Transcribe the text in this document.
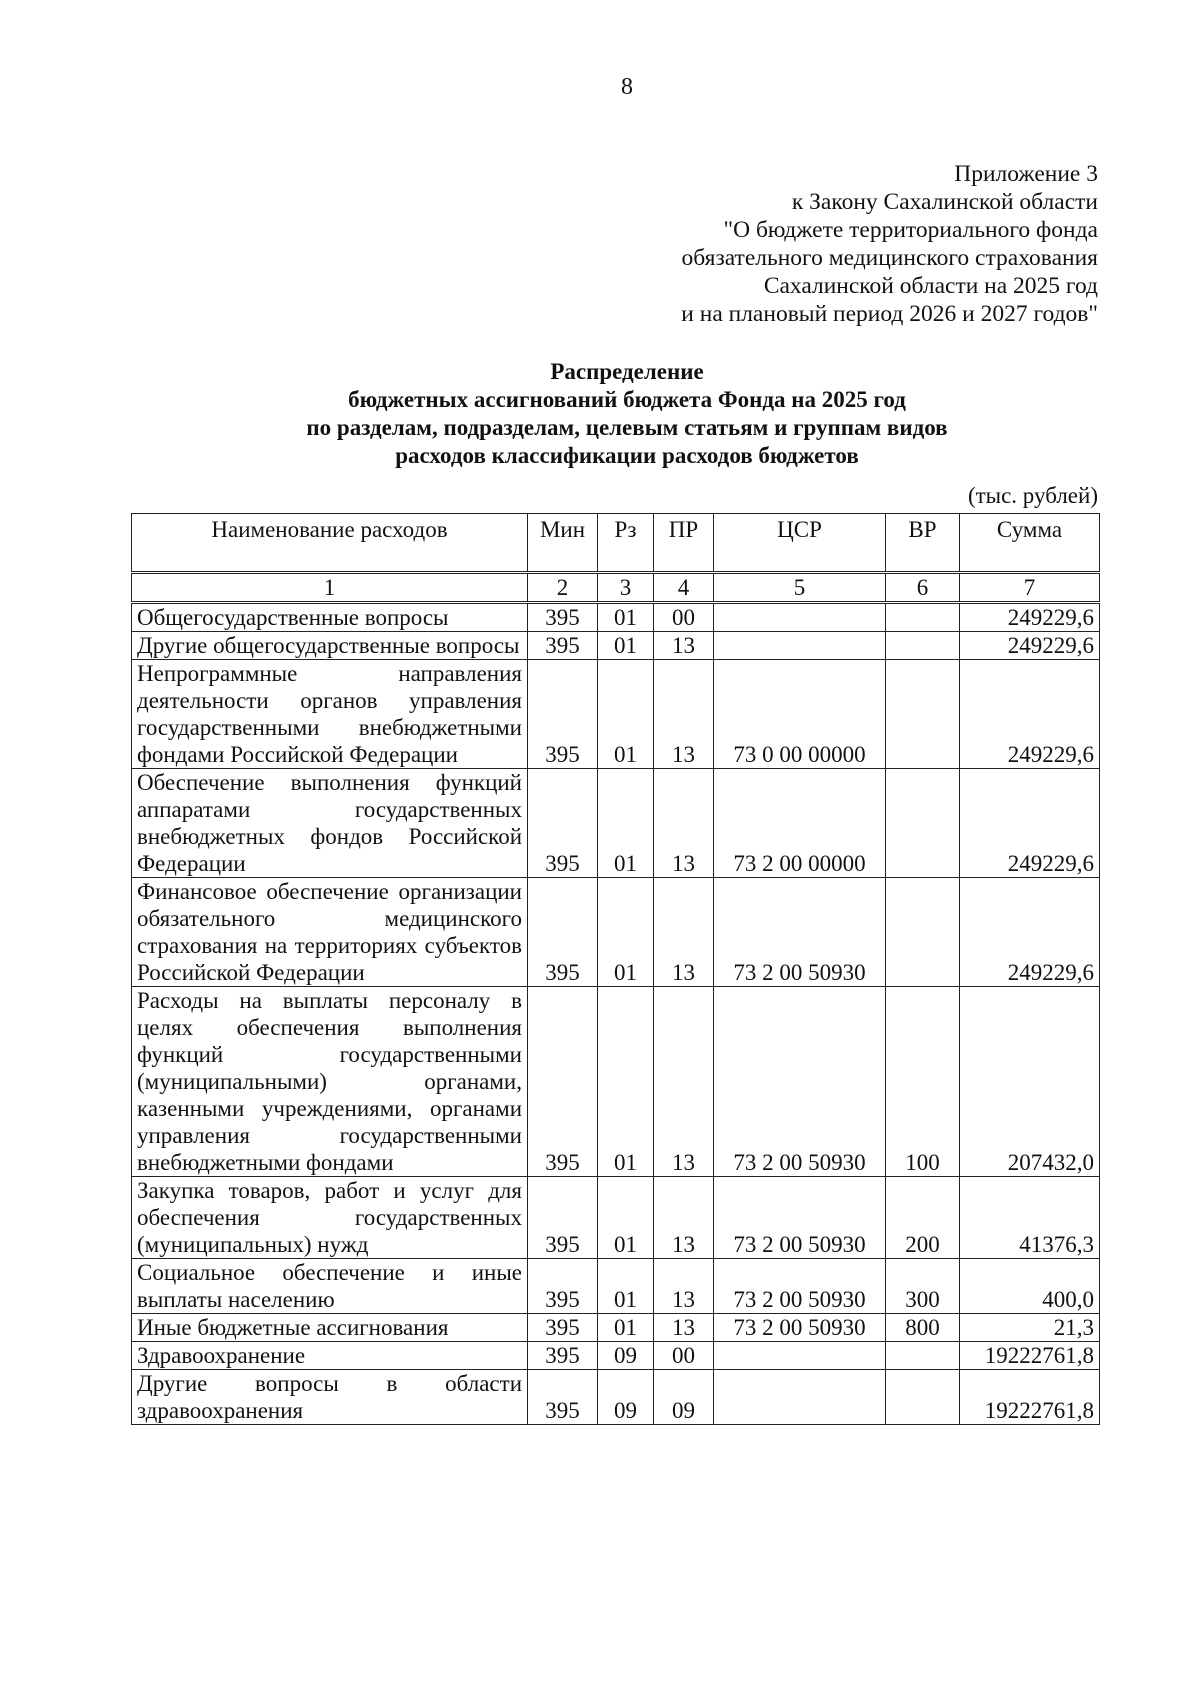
8
Приложение 3
к Закону Сахалинской области
"О бюджете территориального фонда
обязательного медицинского страхования
Сахалинской области на 2025 год
и на плановый период 2026 и 2027 годов"
Распределение
бюджетных ассигнований бюджета Фонда на 2025 год
по разделам, подразделам, целевым статьям и группам видов
расходов классификации расходов бюджетов
(тыс. рублей)
Наименование расходов	Мин	Рз	ПР	ЦСР	ВР	Сумма
1	2	3	4	5	6	7
Общегосударственные вопросы	395	01	00			249229,6
Другие общегосударственные вопросы	395	01	13			249229,6
Непрограммные направления деятельности органов управления государственными внебюджетными фондами Российской Федерации	395	01	13	73 0 00 00000		249229,6
Обеспечение выполнения функций аппаратами государственных внебюджетных фондов Российской Федерации	395	01	13	73 2 00 00000		249229,6
Финансовое обеспечение организации обязательного медицинского страхования на территориях субъектов Российской Федерации	395	01	13	73 2 00 50930		249229,6
Расходы на выплаты персоналу в целях обеспечения выполнения функций государственными (муниципальными) органами, казенными учреждениями, органами управления государственными внебюджетными фондами	395	01	13	73 2 00 50930	100	207432,0
Закупка товаров, работ и услуг для обеспечения государственных (муниципальных) нужд	395	01	13	73 2 00 50930	200	41376,3
Социальное обеспечение и иные выплаты населению	395	01	13	73 2 00 50930	300	400,0
Иные бюджетные ассигнования	395	01	13	73 2 00 50930	800	21,3
Здравоохранение	395	09	00			19222761,8
Другие вопросы в области здравоохранения	395	09	09			19222761,8
